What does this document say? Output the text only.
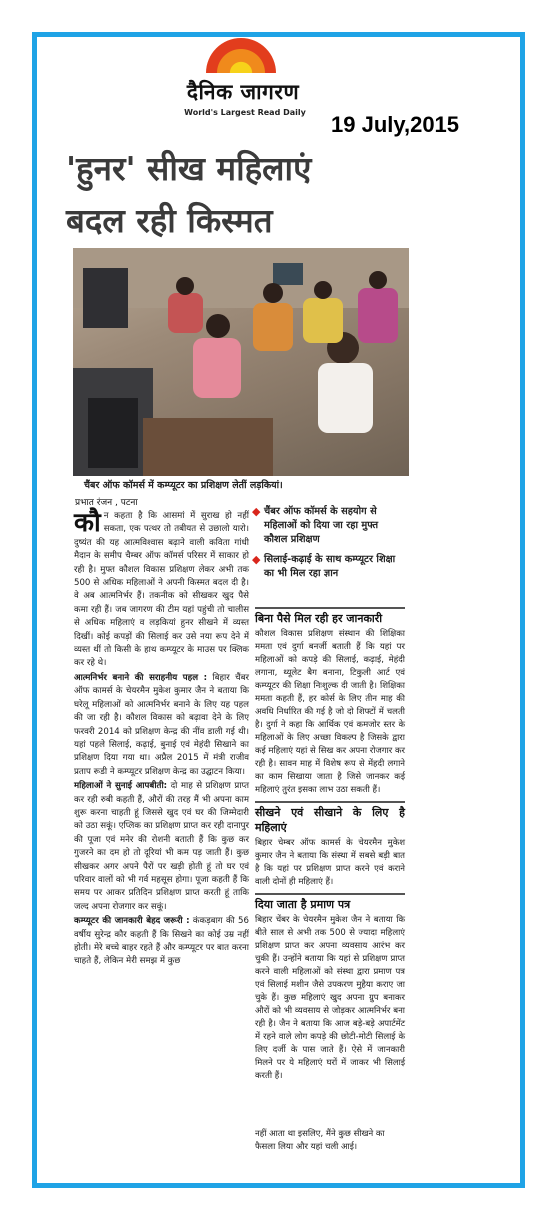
दैनिक जागरण
World's Largest Read Daily	19 July,2015
'हुनर' सीख महिलाएं
बदल रही किस्मत
चैंबर ऑफ कॉमर्स में कम्प्यूटर का प्रशिक्षण लेतीं लड़कियां।
प्रभात रंजन , पटना

कौन कहता है कि आसमां में सुराख हो नहीं सकता, एक पत्थर तो तबीयत से उछालो यारो। दुष्यंत की यह आत्मविश्वास बढ़ाने वाली कविता गांधी मैदान के समीप चैम्बर ऑफ कॉमर्स परिसर में साकार हो रही है। मुफ्त कौशल विकास प्रशिक्षण लेकर अभी तक 500 से अधिक महिलाओं ने अपनी किस्मत बदल दी है। वे अब आत्मनिर्भर हैं। तकनीक को सीखकर खुद पैसे कमा रही हैं। जब जागरण की टीम यहां पहुंची तो चालीस से अधिक महिलाएं व लड़कियां हुनर सीखने में व्यस्त दिखीं। कोई कपड़ों की सिलाई कर उसे नया रूप देने में व्यस्त थीं तो किसी के हाथ कम्प्यूटर के माउस पर क्लिक कर रहे थे।

आत्मनिर्भर बनाने की सराहनीय पहल : बिहार चैंबर ऑफ कामर्स के चेयरमैन मुकेश कुमार जैन ने बताया कि घरेलू महिलाओं को आत्मनिर्भर बनाने के लिए यह पहल की जा रही है। कौशल विकास को बढ़ावा देने के लिए फरवरी 2014 को प्रशिक्षण केन्द्र की नींव डाली गई थी। यहां पहले सिलाई, कढ़ाई, बुनाई एवं मेहंदी सिखाने का प्रशिक्षण दिया गया था। अप्रैल 2015 में मंत्री राजीव प्रताप रूडी ने कम्प्यूटर प्रशिक्षण केन्द्र का उद्घाटन किया।

महिलाओं ने सुनाई आपबीती: दो माह से प्रशिक्षण प्राप्त कर रही रुबी कहती हैं, औरों की तरह मैं भी अपना काम शुरू करना चाहती हूं जिससे खुद एवं घर की जिम्मेदारी को उठा सकूं। एप्लिक का प्रशिक्षण प्राप्त कर रही दानापुर की पूजा एवं मनेर की रोशनी बताती हैं कि कुछ कर गुजरने का दम हो तो दूरियां भी कम पड़ जाती हैं। कुछ सीखकर अगर अपने पैरों पर खड़ी होती हूं तो घर एवं परिवार वालों को भी गर्व महसूस होगा। पूजा कहती हैं कि समय पर आकर प्रतिदिन प्रशिक्षण प्राप्त करती हूं ताकि जल्द अपना रोजगार कर सकूं।

कम्प्यूटर की जानकारी बेहद जरूरी : कंकड़बाग की 56 वर्षीय सुरेन्द्र कौर कहती हैं कि सिखने का कोई उम्र नहीं होती। मेरे बच्चे बाहर रहते हैं और कम्प्यूटर पर बात करना चाहते हैं, लेकिन मेरी समझ में कुछ

◆ चैंबर ऑफ कॉमर्स के सहयोग से महिलाओं को दिया जा रहा मुफ्त कौशल प्रशिक्षण
◆ सिलाई-कढ़ाई के साथ कम्प्यूटर शिक्षा का भी मिल रहा ज्ञान
बिना पैसे मिल रही हर जानकारी

कौशल विकास प्रशिक्षण संस्थान की शिक्षिका ममता एवं दुर्गा बनर्जी बताती हैं कि यहां पर महिलाओं को कपड़े की सिलाई, कढ़ाई, मेहंदी लगाना, थ्यूलेट बैग बनाना, टिकुली आर्ट एवं कम्प्यूटर की शिक्षा निःशुल्क दी जाती है। शिक्षिका ममता कहती हैं, हर कोर्स के लिए तीन माह की अवधि निर्धारित की गई है जो दो शिफ्टों में चलती है। दुर्गा ने कहा कि आर्थिक एवं कमजोर स्तर के महिलाओं के लिए अच्छा विकल्प है जिसके द्वारा कई महिलाएं यहां से सिख कर अपना रोजगार कर रही है। सावन माह में विशेष रूप से मेंहदी लगाने का काम सिखाया जाता है जिसे जानकर कई महिलाएं तुरंत इसका लाभ उठा सकती हैं।

सीखने एवं सीखाने के लिए है महिलाएं

बिहार चेम्बर ऑफ कामर्स के चेयरमैन मुकेश कुमार जैन ने बताया कि संस्था में सबसे बड़ी बात है कि यहां पर प्रशिक्षण प्राप्त करने एवं कराने वाली दोनों ही महिलाएं हैं।

दिया जाता है प्रमाण पत्र

बिहार चेंबर के चेयरमैन मुकेश जैन ने बताया कि बीते साल से अभी तक 500 से ज्यादा महिलाएं प्रशिक्षण प्राप्त कर अपना व्यवसाय आरंभ कर चुकी हैं। उन्होंने बताया कि यहां से प्रशिक्षण प्राप्त करने वाली महिलाओं को संस्था द्वारा प्रमाण पत्र एवं सिलाई मशीन जैसे उपकरण मुहैया कराए जा चुके हैं। कुछ महिलाएं खुद अपना ग्रुप बनाकर औरों को भी व्यवसाय से जोड़कर आत्मनिर्भर बना रही है। जैन ने बताया कि आज बड़े-बड़े अपार्टमेंट में रहने वाले लोग कपड़े की छोटी-मोटी सिलाई के लिए दर्जी के पास जाते हैं। ऐसे में जानकारी मिलने पर ये महिलाएं घरों में जाकर भी सिलाई करती हैं।

नहीं आता था इसलिए, मैंने कुछ सीखने का फैसला लिया और यहां चली आई।
